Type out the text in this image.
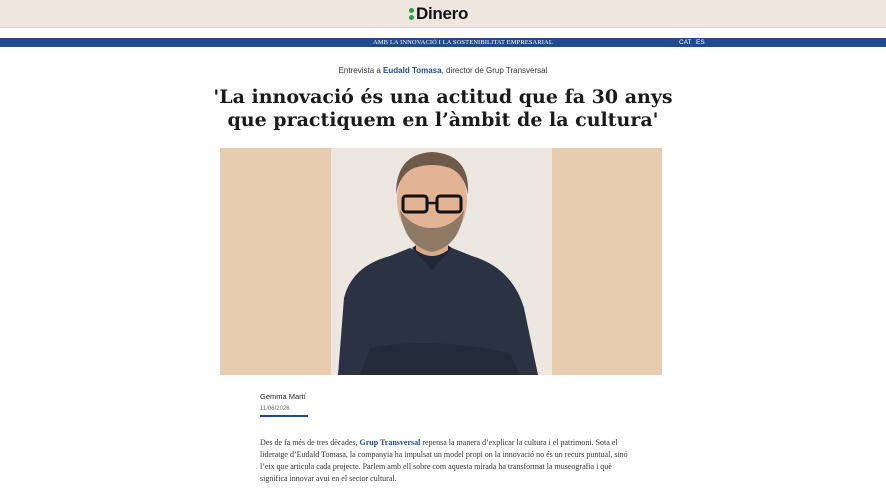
Dinero
AMB LA INNOVACIÓ I LA SOSTENIBILITAT EMPRESARIAL	CAT ES
Entrevista a Eudald Tomasa, director de Grup Transversal
'La innovació és una actitud que fa 30 anys que practiquem en l’àmbit de la cultura'
Gemma Martí
11/06/2026

Des de fa més de tres dècades, Grup Transversal repensa la manera d’explicar la cultura i el patrimoni. Sota el lideratge d’Eudald Tomasa, la companyia ha impulsat un model propi on la innovació no és un recurs puntual, sinó l’eix que articula cada projecte. Parlem amb ell sobre com aquesta mirada ha transformat la museografia i què significa innovar avui en el sector cultural.
